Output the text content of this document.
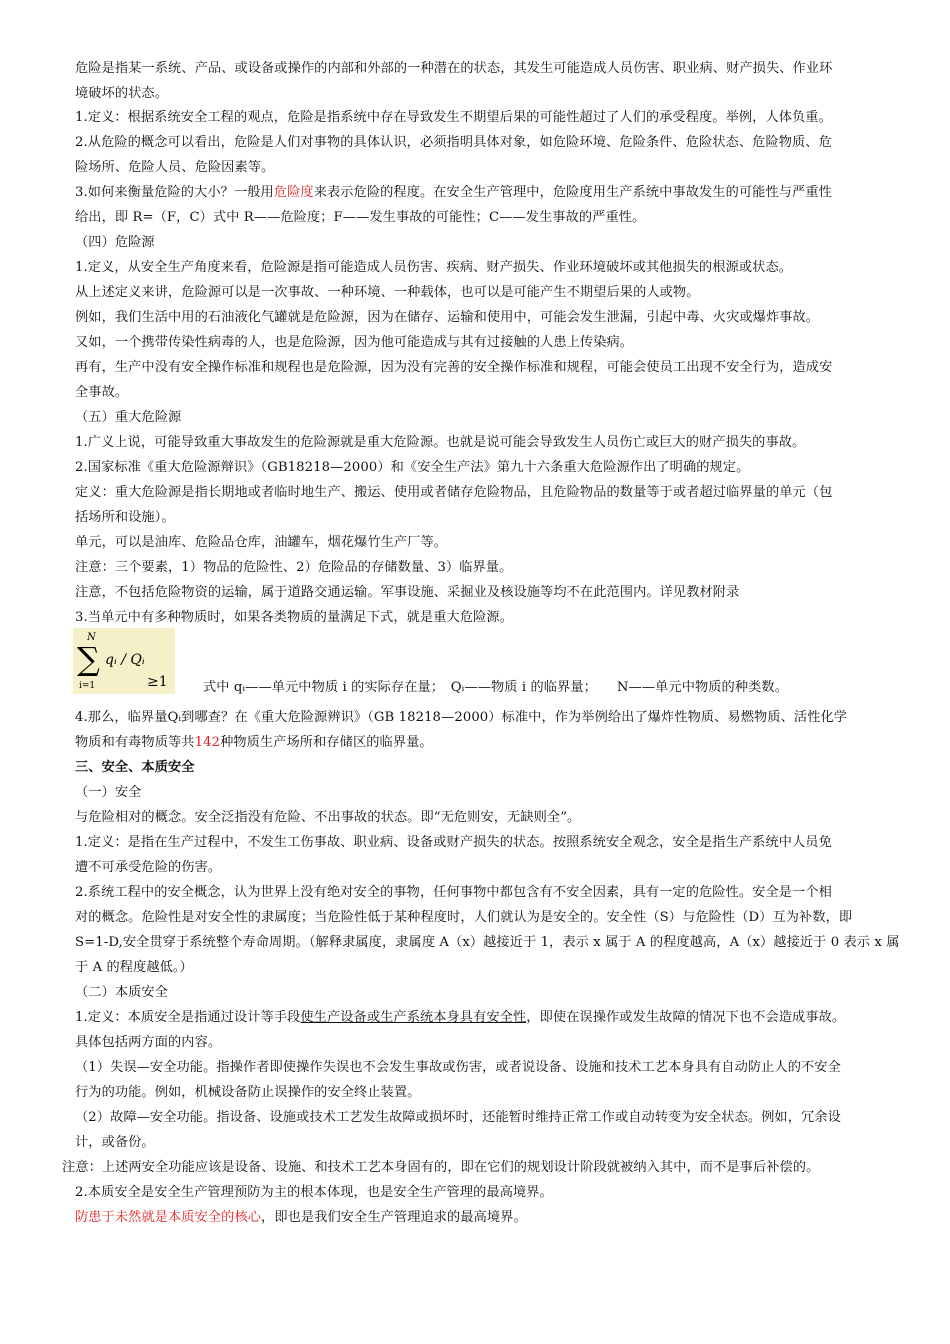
危险是指某一系统、产品、或设备或操作的内部和外部的一种潜在的状态，其发生可能造成人员伤害、职业病、财产损失、作业环
境破坏的状态。
1.定义：根据系统安全工程的观点，危险是指系统中存在导致发生不期望后果的可能性超过了人们的承受程度。举例，人体负重。
2.从危险的概念可以看出，危险是人们对事物的具体认识，必须指明具体对象，如危险环境、危险条件、危险状态、危险物质、危
险场所、危险人员、危险因素等。
3.如何来衡量危险的大小？一般用危险度来表示危险的程度。在安全生产管理中，危险度用生产系统中事故发生的可能性与严重性
给出，即 R=（F，C）式中 R——危险度；F——发生事故的可能性；C——发生事故的严重性。
（四）危险源
1.定义，从安全生产角度来看，危险源是指可能造成人员伤害、疾病、财产损失、作业环境破坏或其他损失的根源或状态。
从上述定义来讲，危险源可以是一次事故、一种环境、一种载体，也可以是可能产生不期望后果的人或物。
例如，我们生活中用的石油液化气罐就是危险源，因为在储存、运输和使用中，可能会发生泄漏，引起中毒、火灾或爆炸事故。
又如，一个携带传染性病毒的人，也是危险源，因为他可能造成与其有过接触的人患上传染病。
再有，生产中没有安全操作标准和规程也是危险源，因为没有完善的安全操作标准和规程，可能会使员工出现不安全行为，造成安
全事故。
（五）重大危险源
1.广义上说，可能导致重大事故发生的危险源就是重大危险源。也就是说可能会导致发生人员伤亡或巨大的财产损失的事故。
2.国家标准《重大危险源辩识》（GB18218—2000）和《安全生产法》第九十六条重大危险源作出了明确的规定。
定义：重大危险源是指长期地或者临时地生产、搬运、使用或者储存危险物品，且危险物品的数量等于或者超过临界量的单元（包
括场所和设施）。
单元，可以是油库、危险品仓库，油罐车，烟花爆竹生产厂等。
注意：三个要素，1）物品的危险性、2）危险品的存储数量、3）临界量。
注意，不包括危险物资的运输，属于道路交通运输。军事设施、采掘业及核设施等均不在此范围内。详见教材附录
3.当单元中有多种物质时，如果各类物质的量满足下式，就是重大危险源。
N
∑
i=1
qᵢ / Qᵢ
≥1	式中 qᵢ——单元中物质 i 的实际存在量；　Qᵢ——物质 i 的临界量；　　N——单元中物质的种类数。
4.那么，临界量Qᵢ到哪查？在《重大危险源辨识》（GB 18218—2000）标准中，作为举例给出了爆炸性物质、易燃物质、活性化学
物质和有毒物质等共142种物质生产场所和存储区的临界量。
三、安全、本质安全
（一）安全
与危险相对的概念。安全泛指没有危险、不出事故的状态。即“无危则安，无缺则全”。
1.定义：是指在生产过程中，不发生工伤事故、职业病、设备或财产损失的状态。按照系统安全观念，安全是指生产系统中人员免
遭不可承受危险的伤害。
2.系统工程中的安全概念，认为世界上没有绝对安全的事物，任何事物中都包含有不安全因素，具有一定的危险性。安全是一个相
对的概念。危险性是对安全性的隶属度；当危险性低于某种程度时，人们就认为是安全的。安全性（S）与危险性（D）互为补数，即
S=1-D,安全贯穿于系统整个寿命周期。（解释隶属度，隶属度 A（x）越接近于 1，表示 x 属于 A 的程度越高，A（x）越接近于 0 表示 x 属
于 A 的程度越低。）
（二）本质安全
1.定义：本质安全是指通过设计等手段使生产设备或生产系统本身具有安全性，即使在误操作或发生故障的情况下也不会造成事故。
具体包括两方面的内容。
（1）失误—安全功能。指操作者即使操作失误也不会发生事故或伤害，或者说设备、设施和技术工艺本身具有自动防止人的不安全
行为的功能。例如，机械设备防止误操作的安全终止装置。
（2）故障—安全功能。指设备、设施或技术工艺发生故障或损坏时，还能暂时维持正常工作或自动转变为安全状态。例如，冗余设
计，或备份。
注意：上述两安全功能应该是设备、设施、和技术工艺本身固有的，即在它们的规划设计阶段就被纳入其中，而不是事后补偿的。
2.本质安全是安全生产管理预防为主的根本体现，也是安全生产管理的最高境界。
防患于未然就是本质安全的核心，即也是我们安全生产管理追求的最高境界。
